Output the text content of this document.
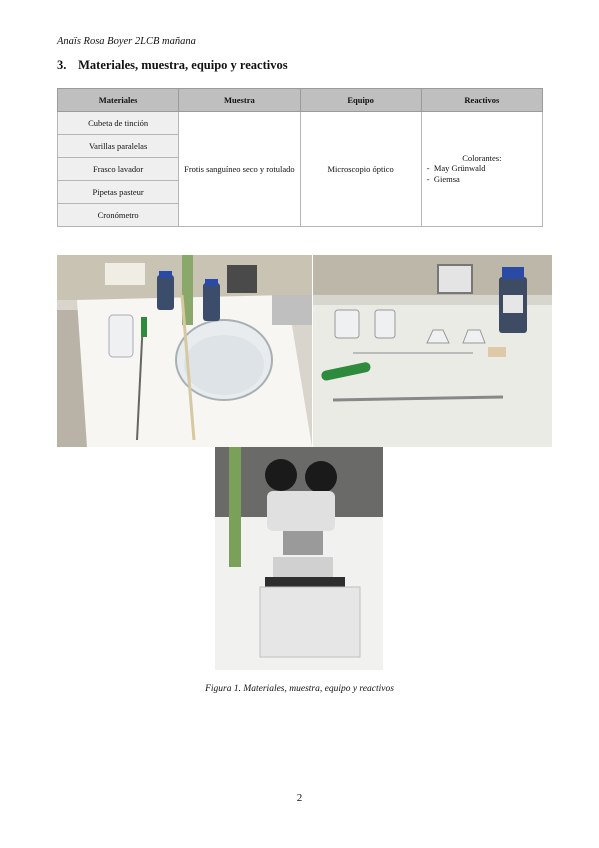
Anaïs Rosa Boyer 2LCB mañana
3. Materiales, muestra, equipo y reactivos
Materiales	Muestra	Equipo	Reactivos
Cubeta de tinción	Frotis sanguíneo seco y rotulado	Microscopio óptico	Colorantes:
-  May Grünwald
-  Giemsa

Varillas paralelas			
Frasco lavador			
Pipetas pasteur			
Cronómetro			
Figura 1. Materiales, muestra, equipo y reactivos
2
